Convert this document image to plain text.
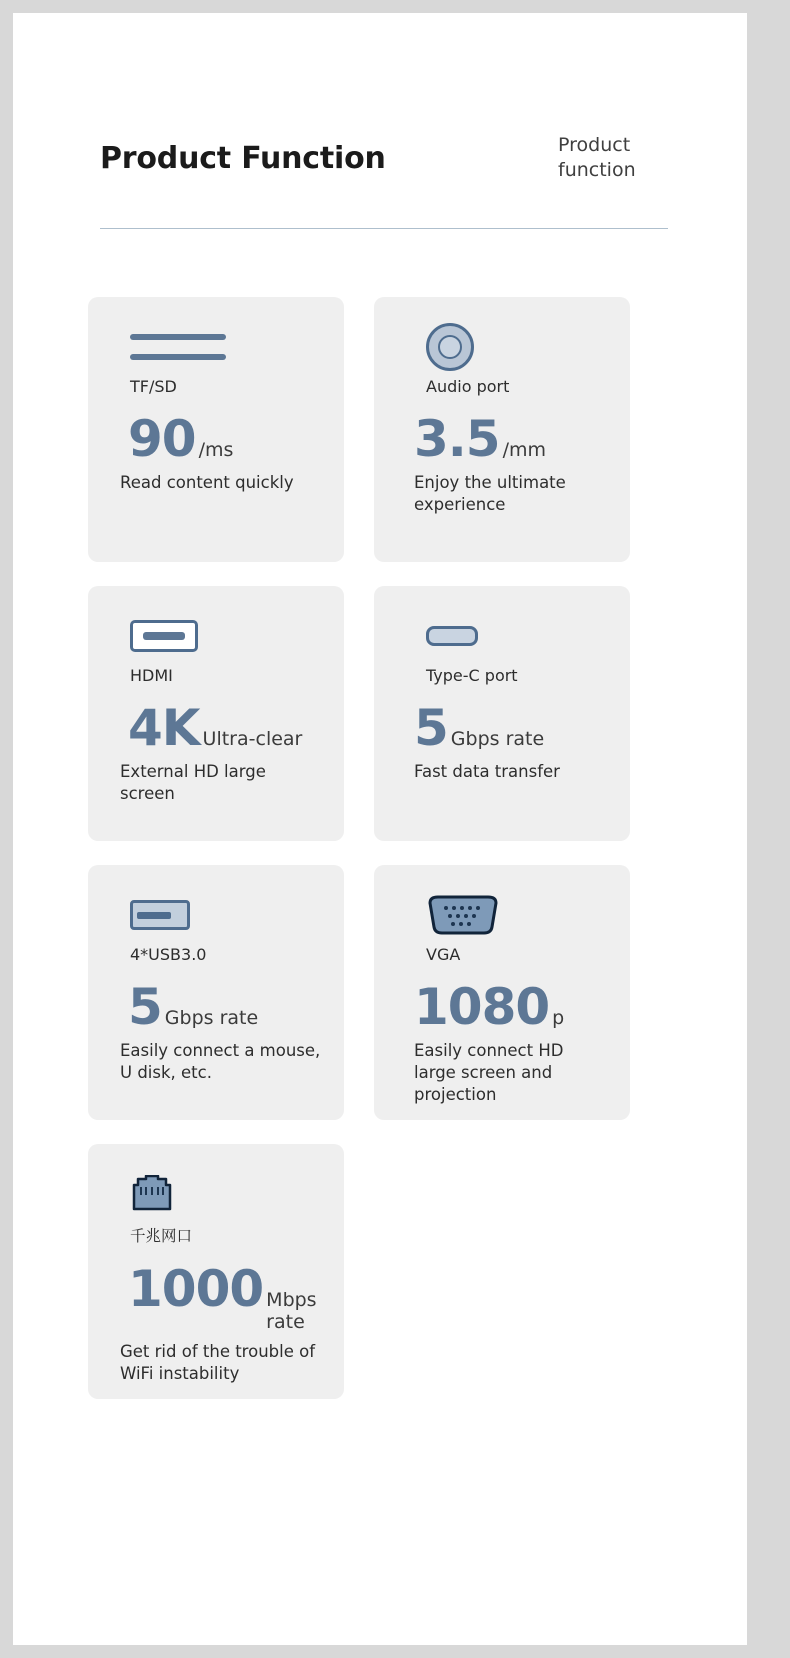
Product Function	Product function
TF/SD
90 /ms
Read content quickly
Audio port
3.5 /mm
Enjoy the ultimate experience
HDMI
4K Ultra-clear
External HD large screen
Type-C port
5 Gbps rate
Fast data transfer
4*USB3.0
5 Gbps rate
Easily connect a mouse, U disk, etc.
VGA
1080 p
Easily connect HD large screen and projection
千兆网口
1000 Mbps rate
Get rid of the trouble of WiFi instability
